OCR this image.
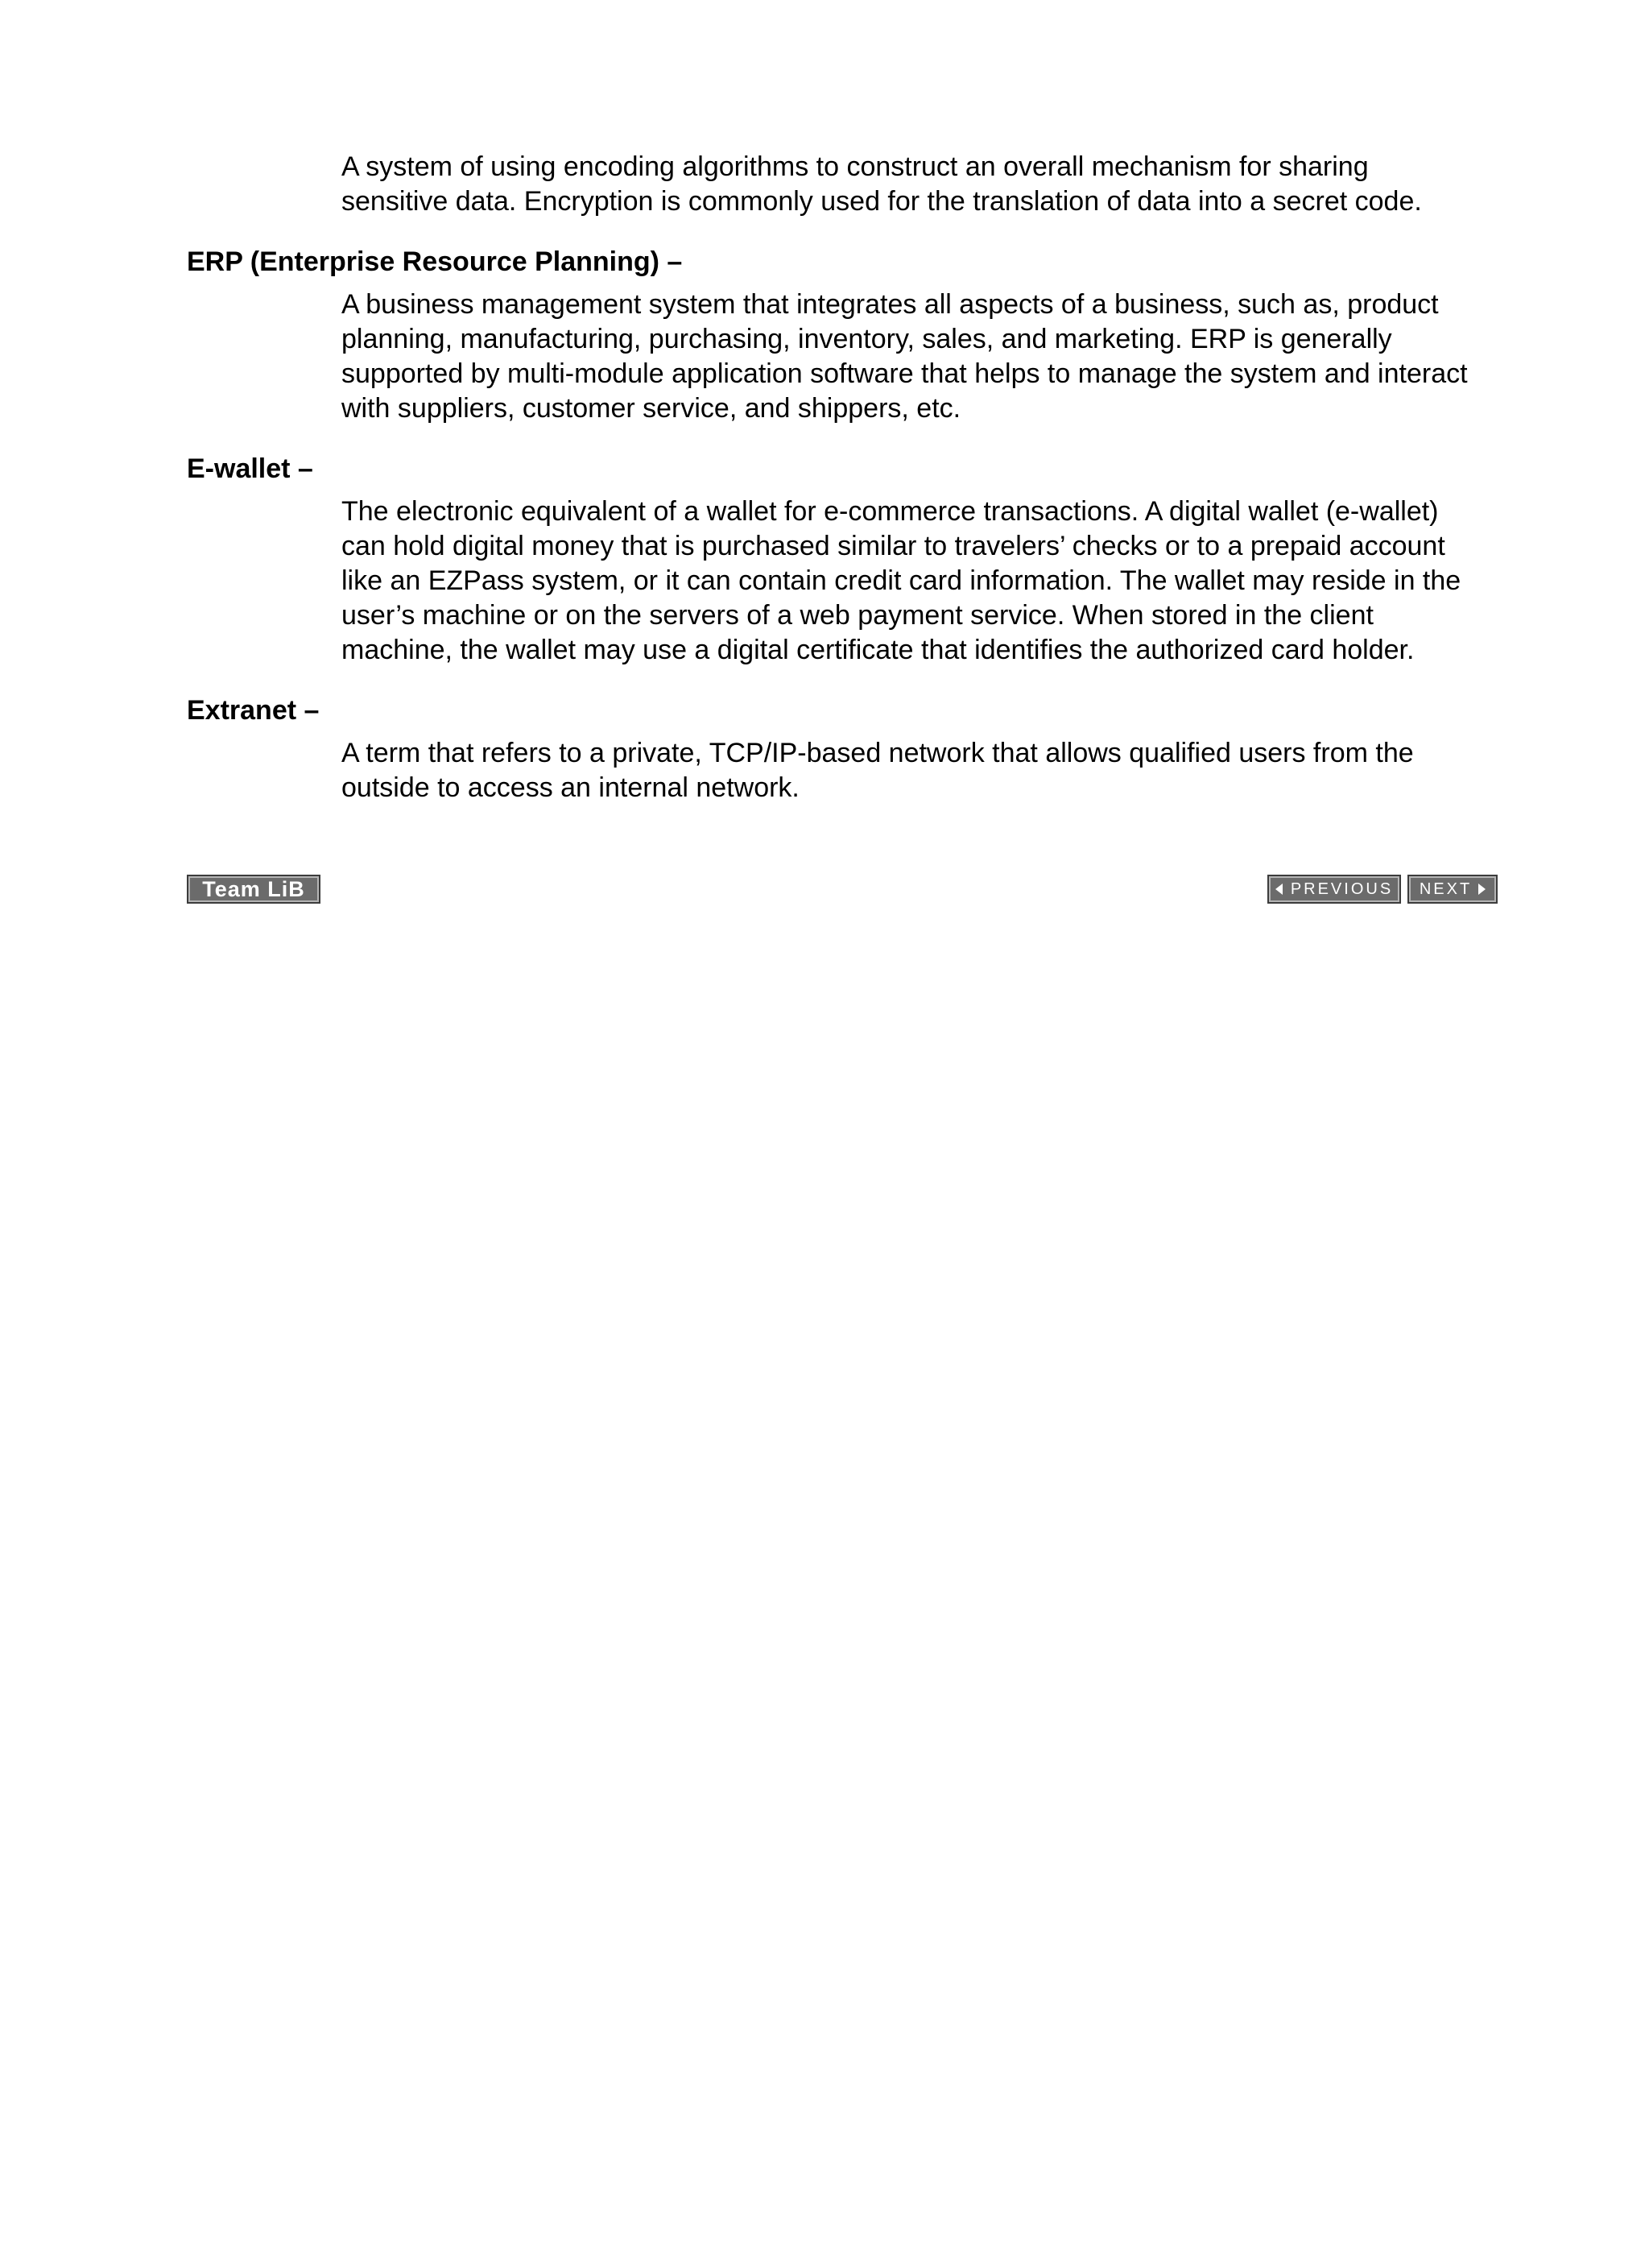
A system of using encoding algorithms to construct an overall mechanism for sharing sensitive data. Encryption is commonly used for the translation of data into a secret code.

ERP (Enterprise Resource Planning) –

A business management system that integrates all aspects of a business, such as, product planning, manufacturing, purchasing, inventory, sales, and marketing. ERP is generally supported by multi-module application software that helps to manage the system and interact with suppliers, customer service, and shippers, etc.

E-wallet –

The electronic equivalent of a wallet for e-commerce transactions. A digital wallet (e-wallet) can hold digital money that is purchased similar to travelers’ checks or to a prepaid account like an EZPass system, or it can contain credit card information. The wallet may reside in the user’s machine or on the servers of a web payment service. When stored in the client machine, the wallet may use a digital certificate that identifies the authorized card holder.

Extranet –

A term that refers to a private, TCP/IP-based network that allows qualified users from the outside to access an internal network.

Team LiB	PREVIOUS NEXT
